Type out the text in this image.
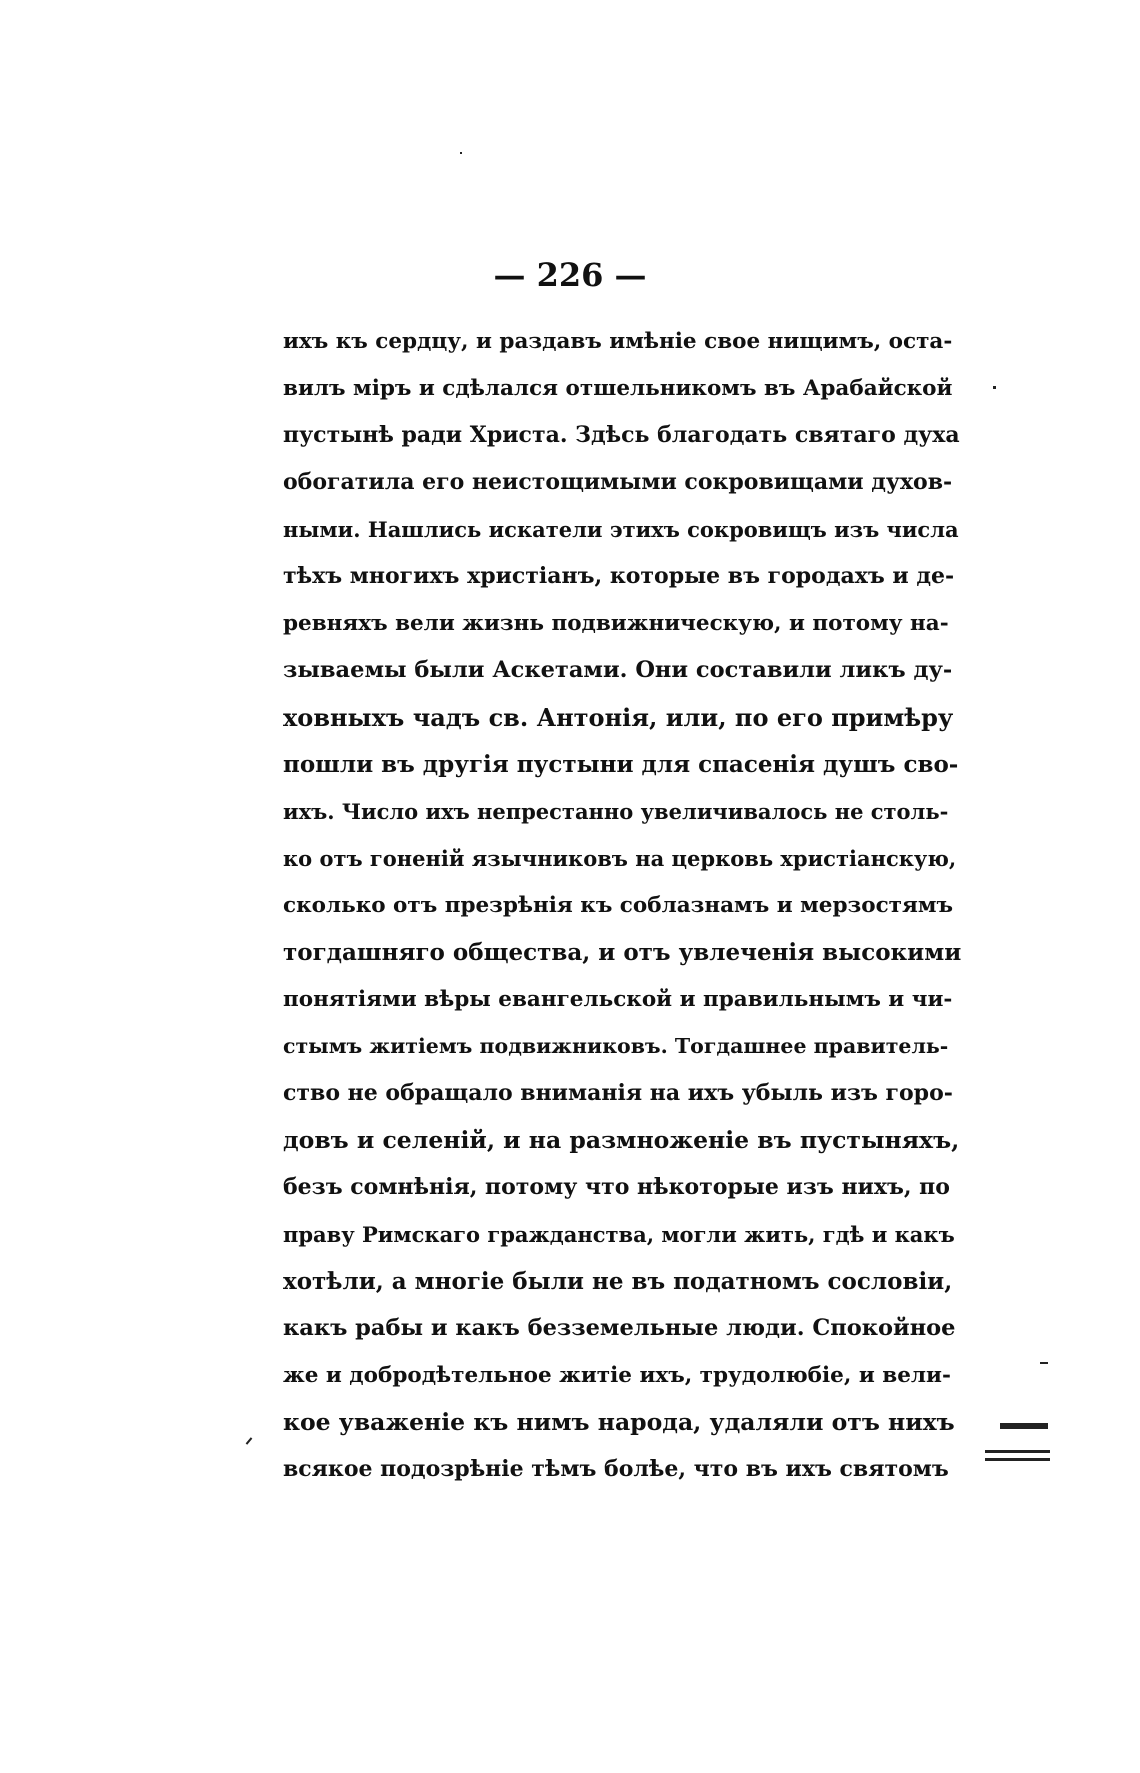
— 226 —
ихъ къ сердцу, и раздавъ имѣніе свое нищимъ, оста-
вилъ міръ и сдѣлался отшельникомъ въ Арабайской
пустынѣ ради Христа. Здѣсь благодать святаго духа
обогатила его неистощимыми сокровищами духов-
ными. Нашлись искатели этихъ сокровищъ изъ числа
тѣхъ многихъ христіанъ, которые въ городахъ и де-
ревняхъ вели жизнь подвижническую, и потому на-
зываемы были Аскетами. Они составили ликъ ду-
ховныхъ чадъ св. Антонія, или, по его примѣру
пошли въ другія пустыни для спасенія душъ сво-
ихъ. Число ихъ непрестанно увеличивалось не столь-
ко отъ гоненій язычниковъ на церковь христіанскую,
сколько отъ презрѣнія къ соблазнамъ и мерзостямъ
тогдашняго общества, и отъ увлеченія высокими
понятіями вѣры евангельской и правильнымъ и чи-
стымъ житіемъ подвижниковъ. Тогдашнее правитель-
ство не обращало вниманія на ихъ убыль изъ горо-
довъ и селеній, и на размноженіе въ пустыняхъ,
безъ сомнѣнія, потому что нѣкоторые изъ нихъ, по
праву Римскаго гражданства, могли жить, гдѣ и какъ
хотѣли, а многіе были не въ податномъ сословіи,
какъ рабы и какъ безземельные люди. Спокойное
же и добродѣтельное житіе ихъ, трудолюбіе, и вели-
кое уваженіе къ нимъ народа, удаляли отъ нихъ
всякое подозрѣніе тѣмъ болѣе, что въ ихъ святомъ
